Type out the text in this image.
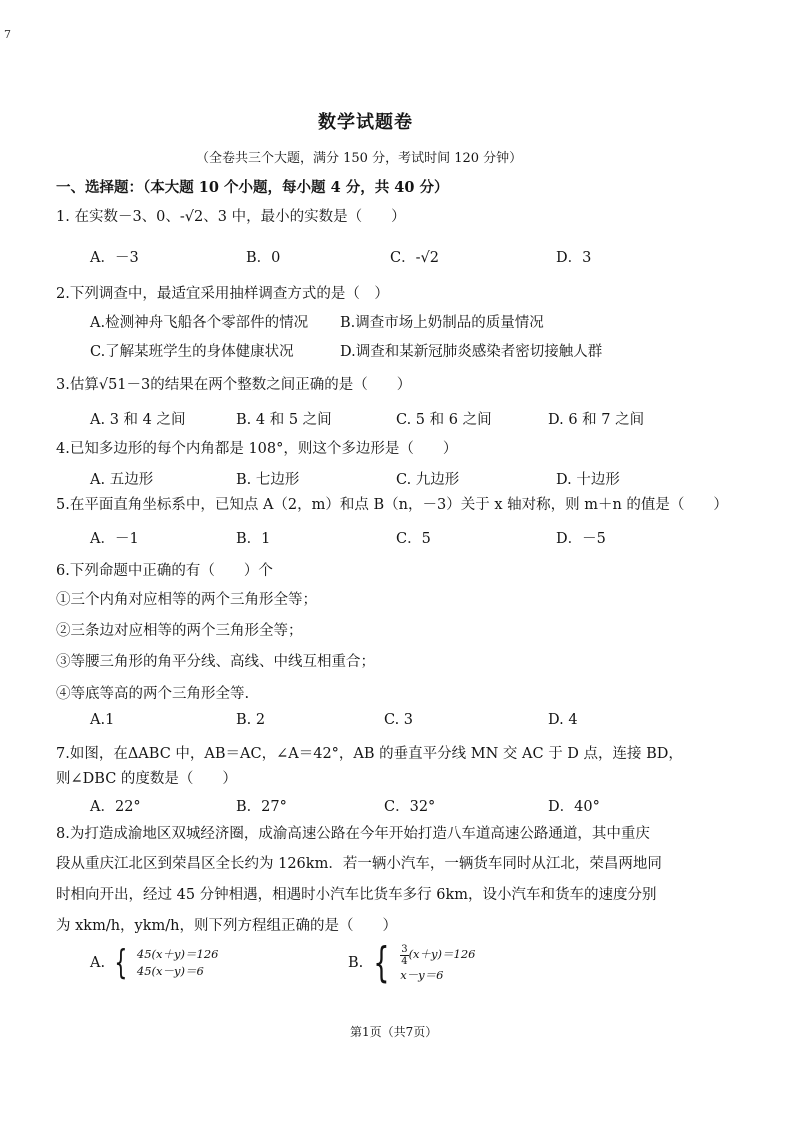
7
数学试题卷
（全卷共三个大题，满分 150 分，考试时间 120 分钟）
一、选择题：（本大题 10 个小题，每小题 4 分，共 40 分）
1. 在实数－3、0、-√2、3 中，最小的实数是（　　）
A．－3	B．0	C．-√2	D．3
2.下列调查中，最适宜采用抽样调查方式的是（　）
A.检测神舟飞船各个零部件的情况 B.调查市场上奶制品的质量情况
C.了解某班学生的身体健康状况	D.调查和某新冠肺炎感染者密切接触人群
3.估算√51－3的结果在两个整数之间正确的是（　　）
A. 3 和 4 之间	B. 4 和 5 之间	C. 5 和 6 之间	D. 6 和 7 之间
4.已知多边形的每个内角都是 108°，则这个多边形是（　　）
A. 五边形	B. 七边形	C. 九边形	D. 十边形
5.在平面直角坐标系中，已知点 A（2，m）和点 B（n，－3）关于 x 轴对称，则 m＋n 的值是（　　）
A．－1	B．1	C．5	D．－5
6.下列命题中正确的有（　　）个
①三个内角对应相等的两个三角形全等；
②三条边对应相等的两个三角形全等；
③等腰三角形的角平分线、高线、中线互相重合；
④等底等高的两个三角形全等.
A.1	B. 2	C. 3	D. 4
7.如图，在ΔABC 中，AB＝AC，∠A＝42°，AB 的垂直平分线 MN 交 AC 于 D 点，连接 BD，
则∠DBC 的度数是（　　）
A．22°	B．27°	C．32°	D．40°
8.为打造成渝地区双城经济圈，成渝高速公路在今年开始打造八车道高速公路通道，其中重庆
段从重庆江北区到荣昌区全长约为 126km．若一辆小汽车，一辆货车同时从江北，荣昌两地同
时相向开出，经过 45 分钟相遇，相遇时小汽车比货车多行 6km，设小汽车和货车的速度分别
为 xkm/h，ykm/h，则下列方程组正确的是（　　）
A. { 45(x＋y)＝126
45(x－y)＝6	B. { $\frac{3}{4} (x+y)=126$
x－y＝6
第1页（共7页）
